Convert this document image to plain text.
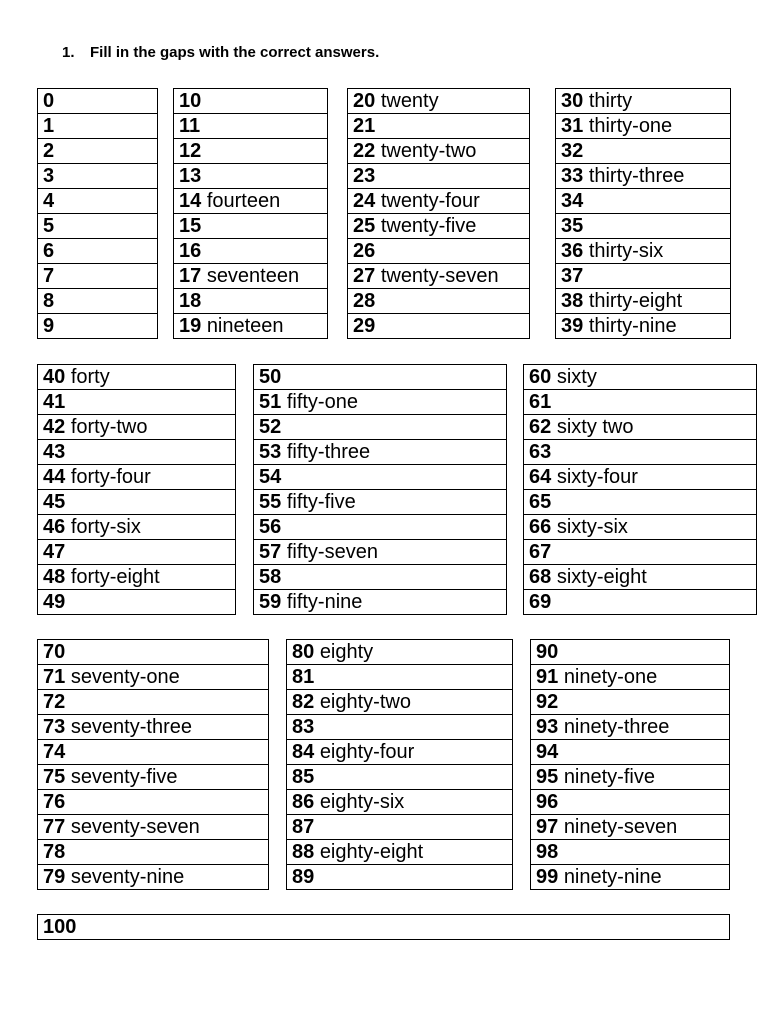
1. Fill in the gaps with the correct answers.
0
1
2
3
4
5
6
7
8
9
10
11
12
13
14 fourteen
15
16
17 seventeen
18
19 nineteen
20 twenty
21
22 twenty-two
23
24 twenty-four
25 twenty-five
26
27 twenty-seven
28
29
30 thirty
31 thirty-one
32
33 thirty-three
34
35
36 thirty-six
37
38 thirty-eight
39 thirty-nine
40 forty
41
42 forty-two
43
44 forty-four
45
46 forty-six
47
48 forty-eight
49
50
51 fifty-one
52
53 fifty-three
54
55 fifty-five
56
57 fifty-seven
58
59 fifty-nine
60 sixty
61
62 sixty two
63
64 sixty-four
65
66 sixty-six
67
68 sixty-eight
69
70
71 seventy-one
72
73 seventy-three
74
75 seventy-five
76
77 seventy-seven
78
79 seventy-nine
80 eighty
81
82 eighty-two
83
84 eighty-four
85
86 eighty-six
87
88 eighty-eight
89
90
91 ninety-one
92
93 ninety-three
94
95 ninety-five
96
97 ninety-seven
98
99 ninety-nine
100
